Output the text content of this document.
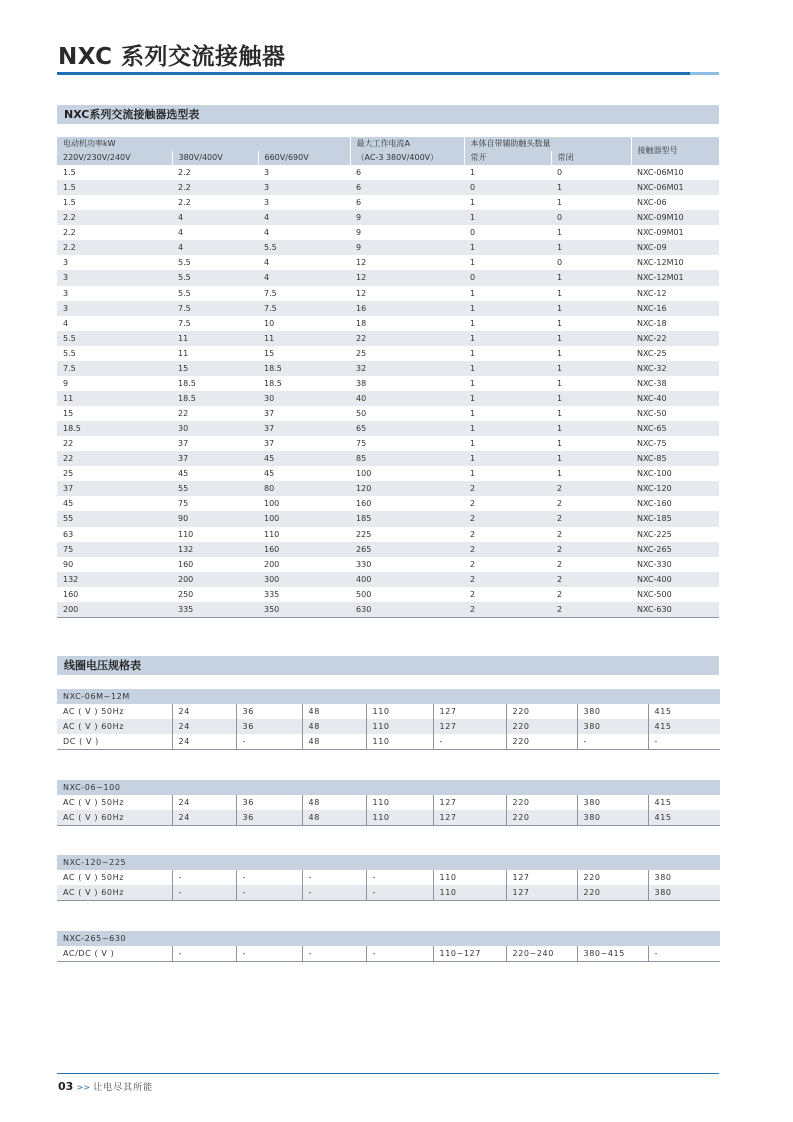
NXC 系列交流接触器
NXC系列交流接触器选型表
电动机功率kW			最大工作电流A	本体自带辅助触头数量		接触器型号
220V/230V/240V	380V/400V	660V/690V	（AC-3 380V/400V）	常开	常闭	
1.5	2.2	3	6	1	0	NXC-06M10
1.5	2.2	3	6	0	1	NXC-06M01
1.5	2.2	3	6	1	1	NXC-06
2.2	4	4	9	1	0	NXC-09M10
2.2	4	4	9	0	1	NXC-09M01
2.2	4	5.5	9	1	1	NXC-09
3	5.5	4	12	1	0	NXC-12M10
3	5.5	4	12	0	1	NXC-12M01
3	5.5	7.5	12	1	1	NXC-12
3	7.5	7.5	16	1	1	NXC-16
4	7.5	10	18	1	1	NXC-18
5.5	11	11	22	1	1	NXC-22
5.5	11	15	25	1	1	NXC-25
7.5	15	18.5	32	1	1	NXC-32
9	18.5	18.5	38	1	1	NXC-38
11	18.5	30	40	1	1	NXC-40
15	22	37	50	1	1	NXC-50
18.5	30	37	65	1	1	NXC-65
22	37	37	75	1	1	NXC-75
22	37	45	85	1	1	NXC-85
25	45	45	100	1	1	NXC-100
37	55	80	120	2	2	NXC-120
45	75	100	160	2	2	NXC-160
55	90	100	185	2	2	NXC-185
63	110	110	225	2	2	NXC-225
75	132	160	265	2	2	NXC-265
90	160	200	330	2	2	NXC-330
132	200	300	400	2	2	NXC-400
160	250	335	500	2	2	NXC-500
200	335	350	630	2	2	NXC-630
线圈电压规格表
NXC-06M~12M								
AC ( V ) 50Hz	24	36	48	110	127	220	380	415
AC ( V ) 60Hz	24	36	48	110	127	220	380	415
DC ( V )	24	-	48	110	-	220	-	-
NXC-06~100								
AC ( V ) 50Hz	24	36	48	110	127	220	380	415
AC ( V ) 60Hz	24	36	48	110	127	220	380	415
NXC-120~225								
AC ( V ) 50Hz	-	-	-	-	110	127	220	380
AC ( V ) 60Hz	-	-	-	-	110	127	220	380
NXC-265~630
AC/DC ( V )	-	-	-	-	110~127	220~240	380~415	-
03 >> 让电尽其所能
